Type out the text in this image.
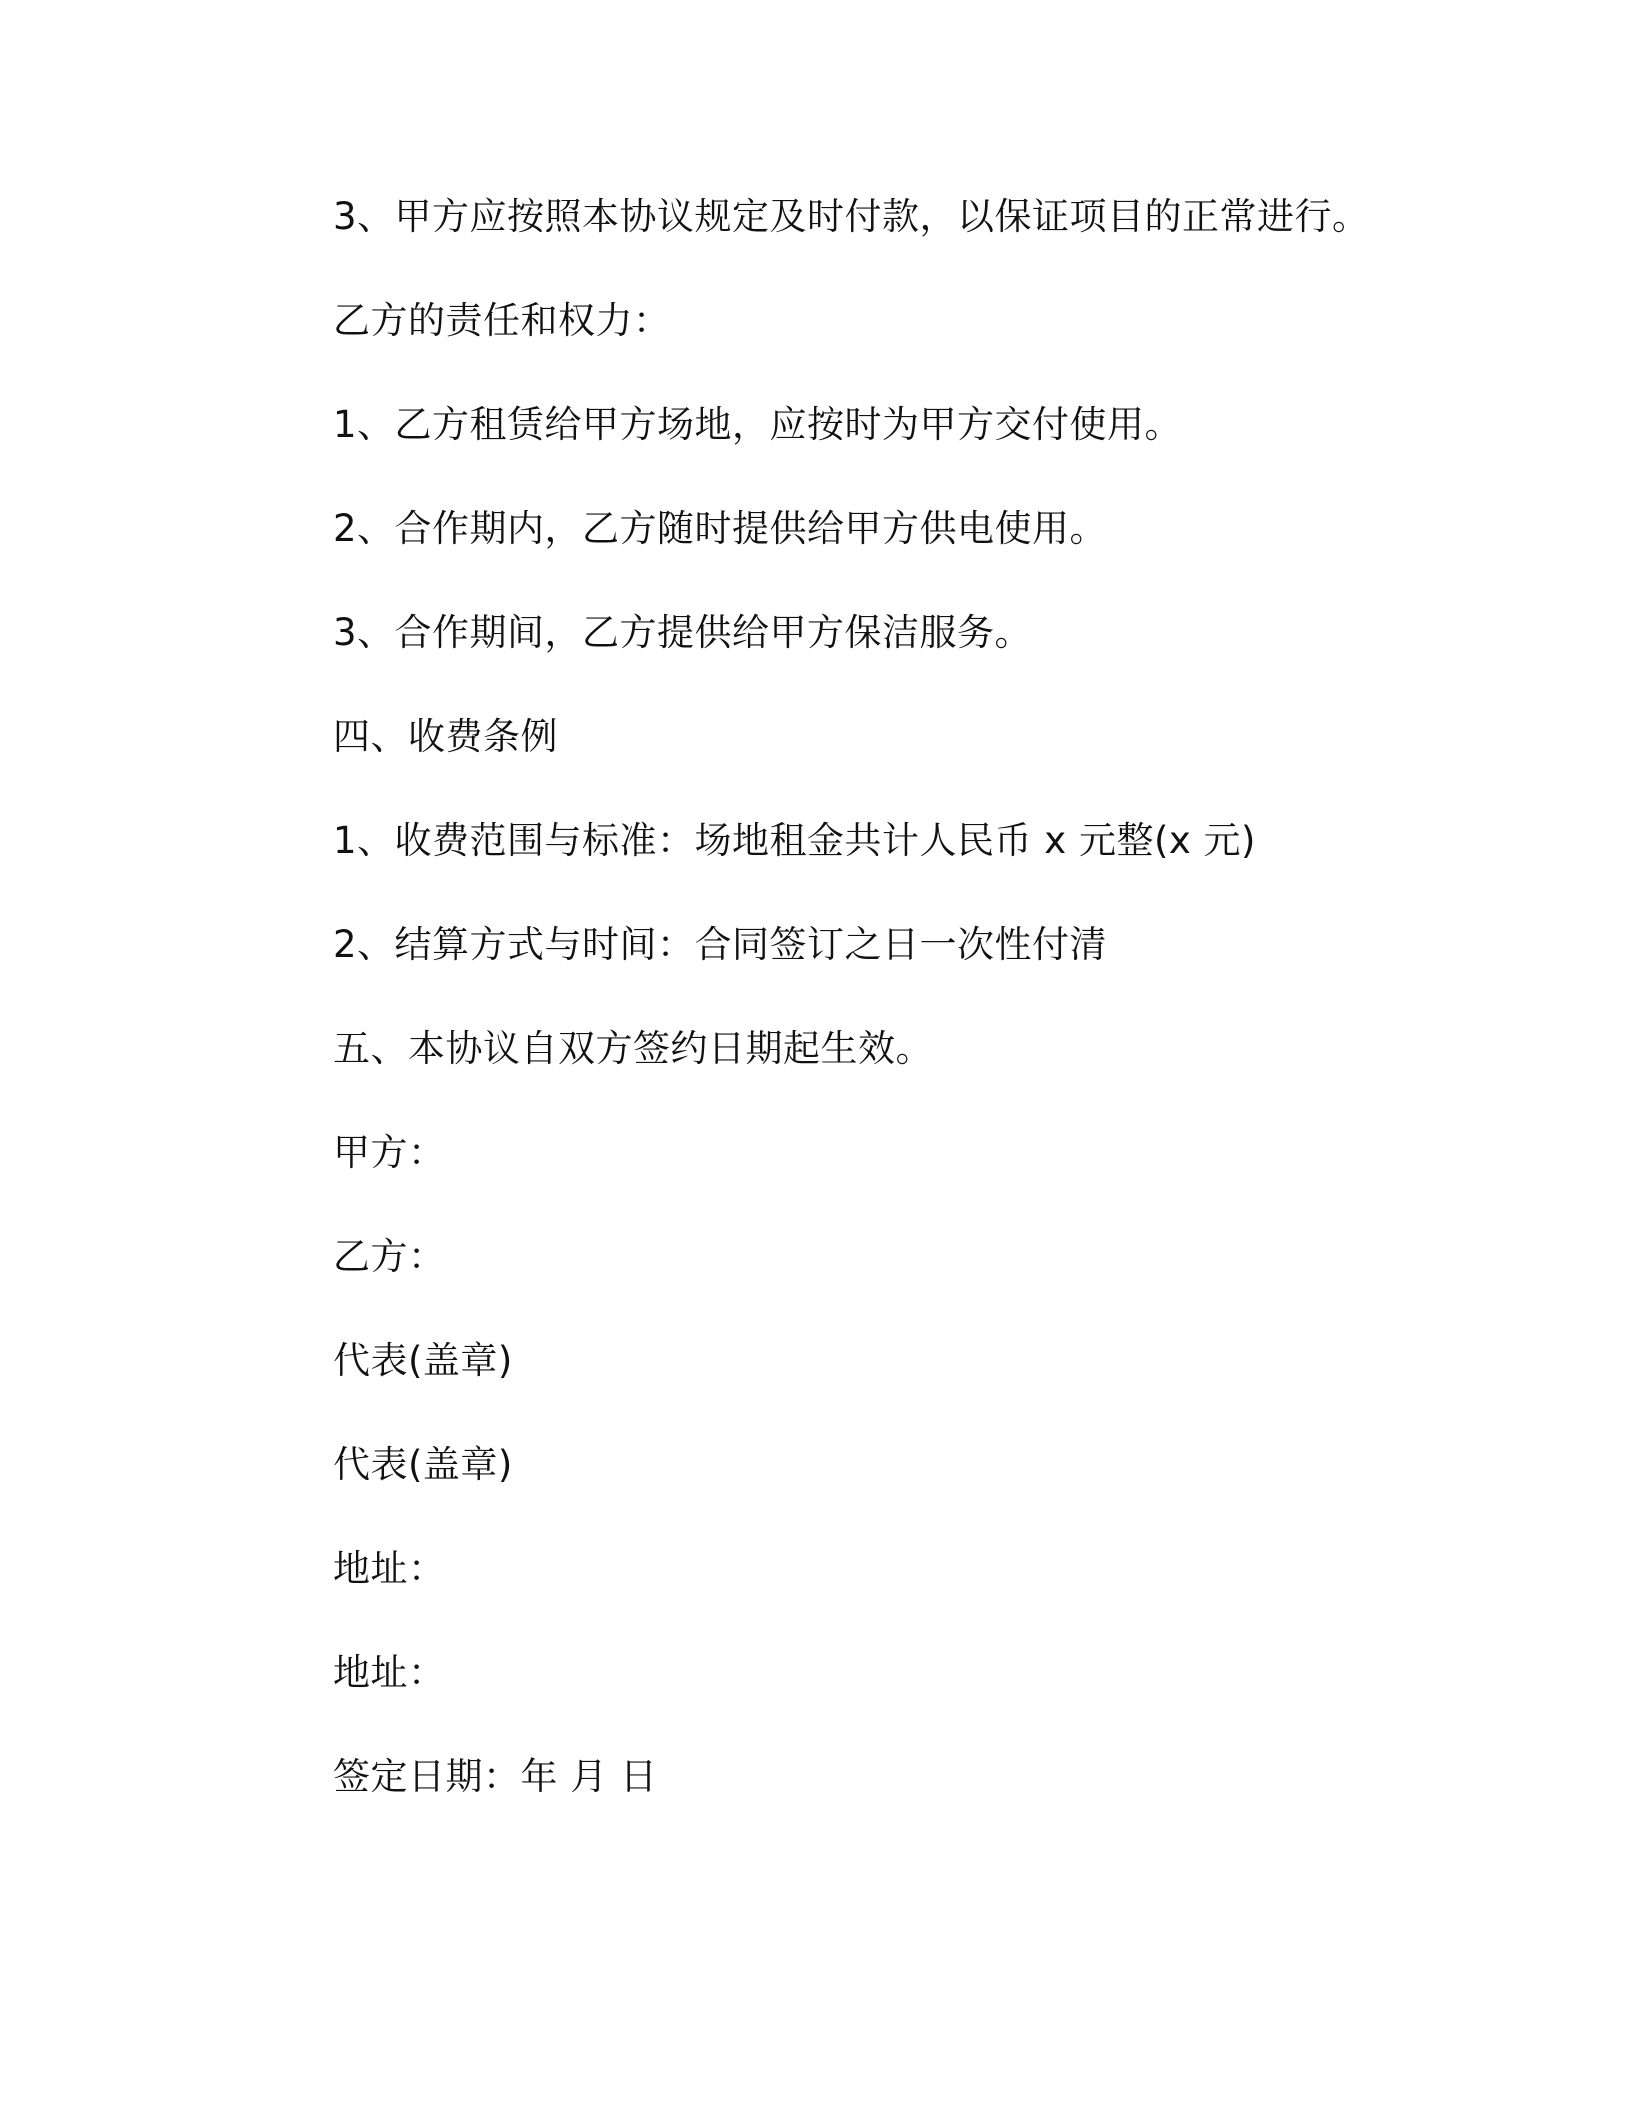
3、甲方应按照本协议规定及时付款，以保证项目的正常进行。
乙方的责任和权力：
1、乙方租赁给甲方场地，应按时为甲方交付使用。
2、合作期内，乙方随时提供给甲方供电使用。
3、合作期间，乙方提供给甲方保洁服务。
四、收费条例
1、收费范围与标准：场地租金共计人民币 x 元整(x 元)
2、结算方式与时间：合同签订之日一次性付清
五、本协议自双方签约日期起生效。
甲方：
乙方：
代表(盖章)
代表(盖章)
地址：
地址：
签定日期：年 月 日
